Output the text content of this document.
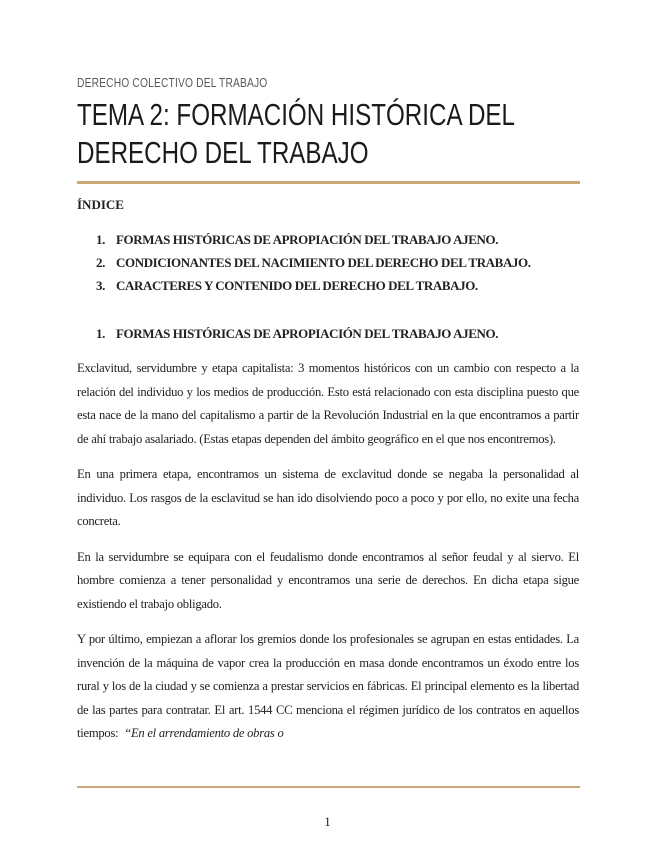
DERECHO COLECTIVO DEL TRABAJO
TEMA 2: FORMACIÓN HISTÓRICA DEL DERECHO DEL TRABAJO
ÍNDICE
1. FORMAS HISTÓRICAS DE APROPIACIÓN DEL TRABAJO AJENO.
2. CONDICIONANTES DEL NACIMIENTO DEL DERECHO DEL TRABAJO.
3. CARACTERES Y CONTENIDO DEL DERECHO DEL TRABAJO.
1. FORMAS HISTÓRICAS DE APROPIACIÓN DEL TRABAJO AJENO.

Exclavitud, servidumbre y etapa capitalista: 3 momentos históricos con un cambio con respecto a la relación del individuo y los medios de producción. Esto está relacionado con esta disciplina puesto que esta nace de la mano del capitalismo a partir de la Revolución Industrial en la que encontramos a partir de ahí trabajo asalariado. (Estas etapas dependen del ámbito geográfico en el que nos encontremos).

En una primera etapa, encontramos un sistema de exclavitud donde se negaba la personalidad al individuo. Los rasgos de la esclavitud se han ido disolviendo poco a poco y por ello, no exite una fecha concreta.

En la servidumbre se equipara con el feudalismo donde encontramos al señor feudal y al siervo. El hombre comienza a tener personalidad y encontramos una serie de derechos. En dicha etapa sigue existiendo el trabajo obligado.

Y por último, empiezan a aflorar los gremios donde los profesionales se agrupan en estas entidades. La invención de la máquina de vapor crea la producción en masa donde encontramos un éxodo entre los rural y los de la ciudad y se comienza a prestar servicios en fábricas. El principal elemento es la libertad de las partes para contratar. El art. 1544 CC menciona el régimen jurídico de los contratos en aquellos tiempos: “En el arrendamiento de obras o

1
